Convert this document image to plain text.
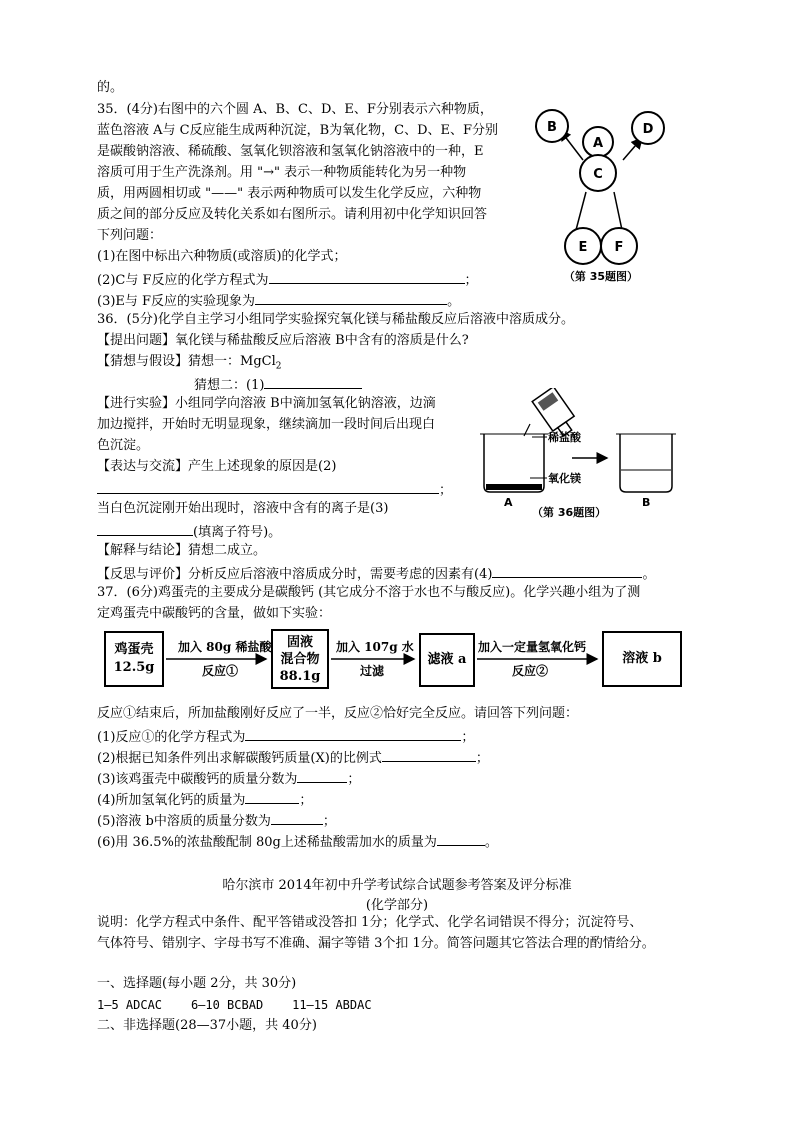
的。
35．(4分)右图中的六个圆 A、B、C、D、E、F分别表示六种物质，
蓝色溶液 A与 C反应能生成两种沉淀，B为氧化物，C、D、E、F分别
是碳酸钠溶液、稀硫酸、氢氧化钡溶液和氢氧化钠溶液中的一种，E
溶质可用于生产洗涤剂。用 "→" 表示一种物质能转化为另一种物
质，用两圆相切或 "——" 表示两种物质可以发生化学反应，六种物
质之间的部分反应及转化关系如右图所示。请利用初中化学知识回答
下列问题：
(1)在图中标出六种物质(或溶质)的化学式；
(2)C与 F反应的化学方程式为	；
(3)E与 F反应的实验现象为	。
B
A
D
C
E F
（第 35题图）
36．(5分)化学自主学习小组同学实验探究氧化镁与稀盐酸反应后溶液中溶质成分。
【提出问题】氧化镁与稀盐酸反应后溶液 B中含有的溶质是什么?
【猜想与假设】猜想一：MgCl$_2$
猜想二：(1)
【进行实验】小组同学向溶液 B中滴加氢氧化钠溶液，边滴
加边搅拌，开始时无明显现象，继续滴加一段时间后出现白
色沉淀。
【表达与交流】产生上述现象的原因是(2)
；
当白色沉淀刚开始出现时，溶液中含有的离子是(3)
(填离子符号)。
【解释与结论】猜想二成立。
【反思与评价】分析反应后溶液中溶质成分时，需要考虑的因素有(4)	。
稀盐酸
氧化镁
A	B
（第 36题图）
37．(6分)鸡蛋壳的主要成分是碳酸钙 (其它成分不溶于水也不与酸反应)。化学兴趣小组为了测
定鸡蛋壳中碳酸钙的含量，做如下实验：
鸡蛋壳
12.5g
加入 80g 稀盐酸
反应①
固液
混合物
88.1g
加入 107g 水
过滤
滤液 a
加入一定量氢氧化钙
反应②
溶液 b
反应①结束后，所加盐酸刚好反应了一半，反应②恰好完全反应。请回答下列问题：
(1)反应①的化学方程式为	；
(2)根据已知条件列出求解碳酸钙质量(X)的比例式	；
(3)该鸡蛋壳中碳酸钙的质量分数为	；
(4)所加氢氧化钙的质量为	；
(5)溶液 b中溶质的质量分数为	；
(6)用 36.5%的浓盐酸配制 80g上述稀盐酸需加水的质量为	。
哈尔滨市 2014年初中升学考试综合试题参考答案及评分标准
(化学部分)
说明：化学方程式中条件、配平答错或没答扣 1分；化学式、化学名词错误不得分；沉淀符号、
气体符号、错别字、字母书写不准确、漏字等错 3个扣 1分。简答问题其它答法合理的酌情给分。
一、选择题(每小题 2分，共 30分)
1—5 ADCAC 6—10 BCBAD 11—15 ABDAC
二、非选择题(28—37小题，共 40分)
